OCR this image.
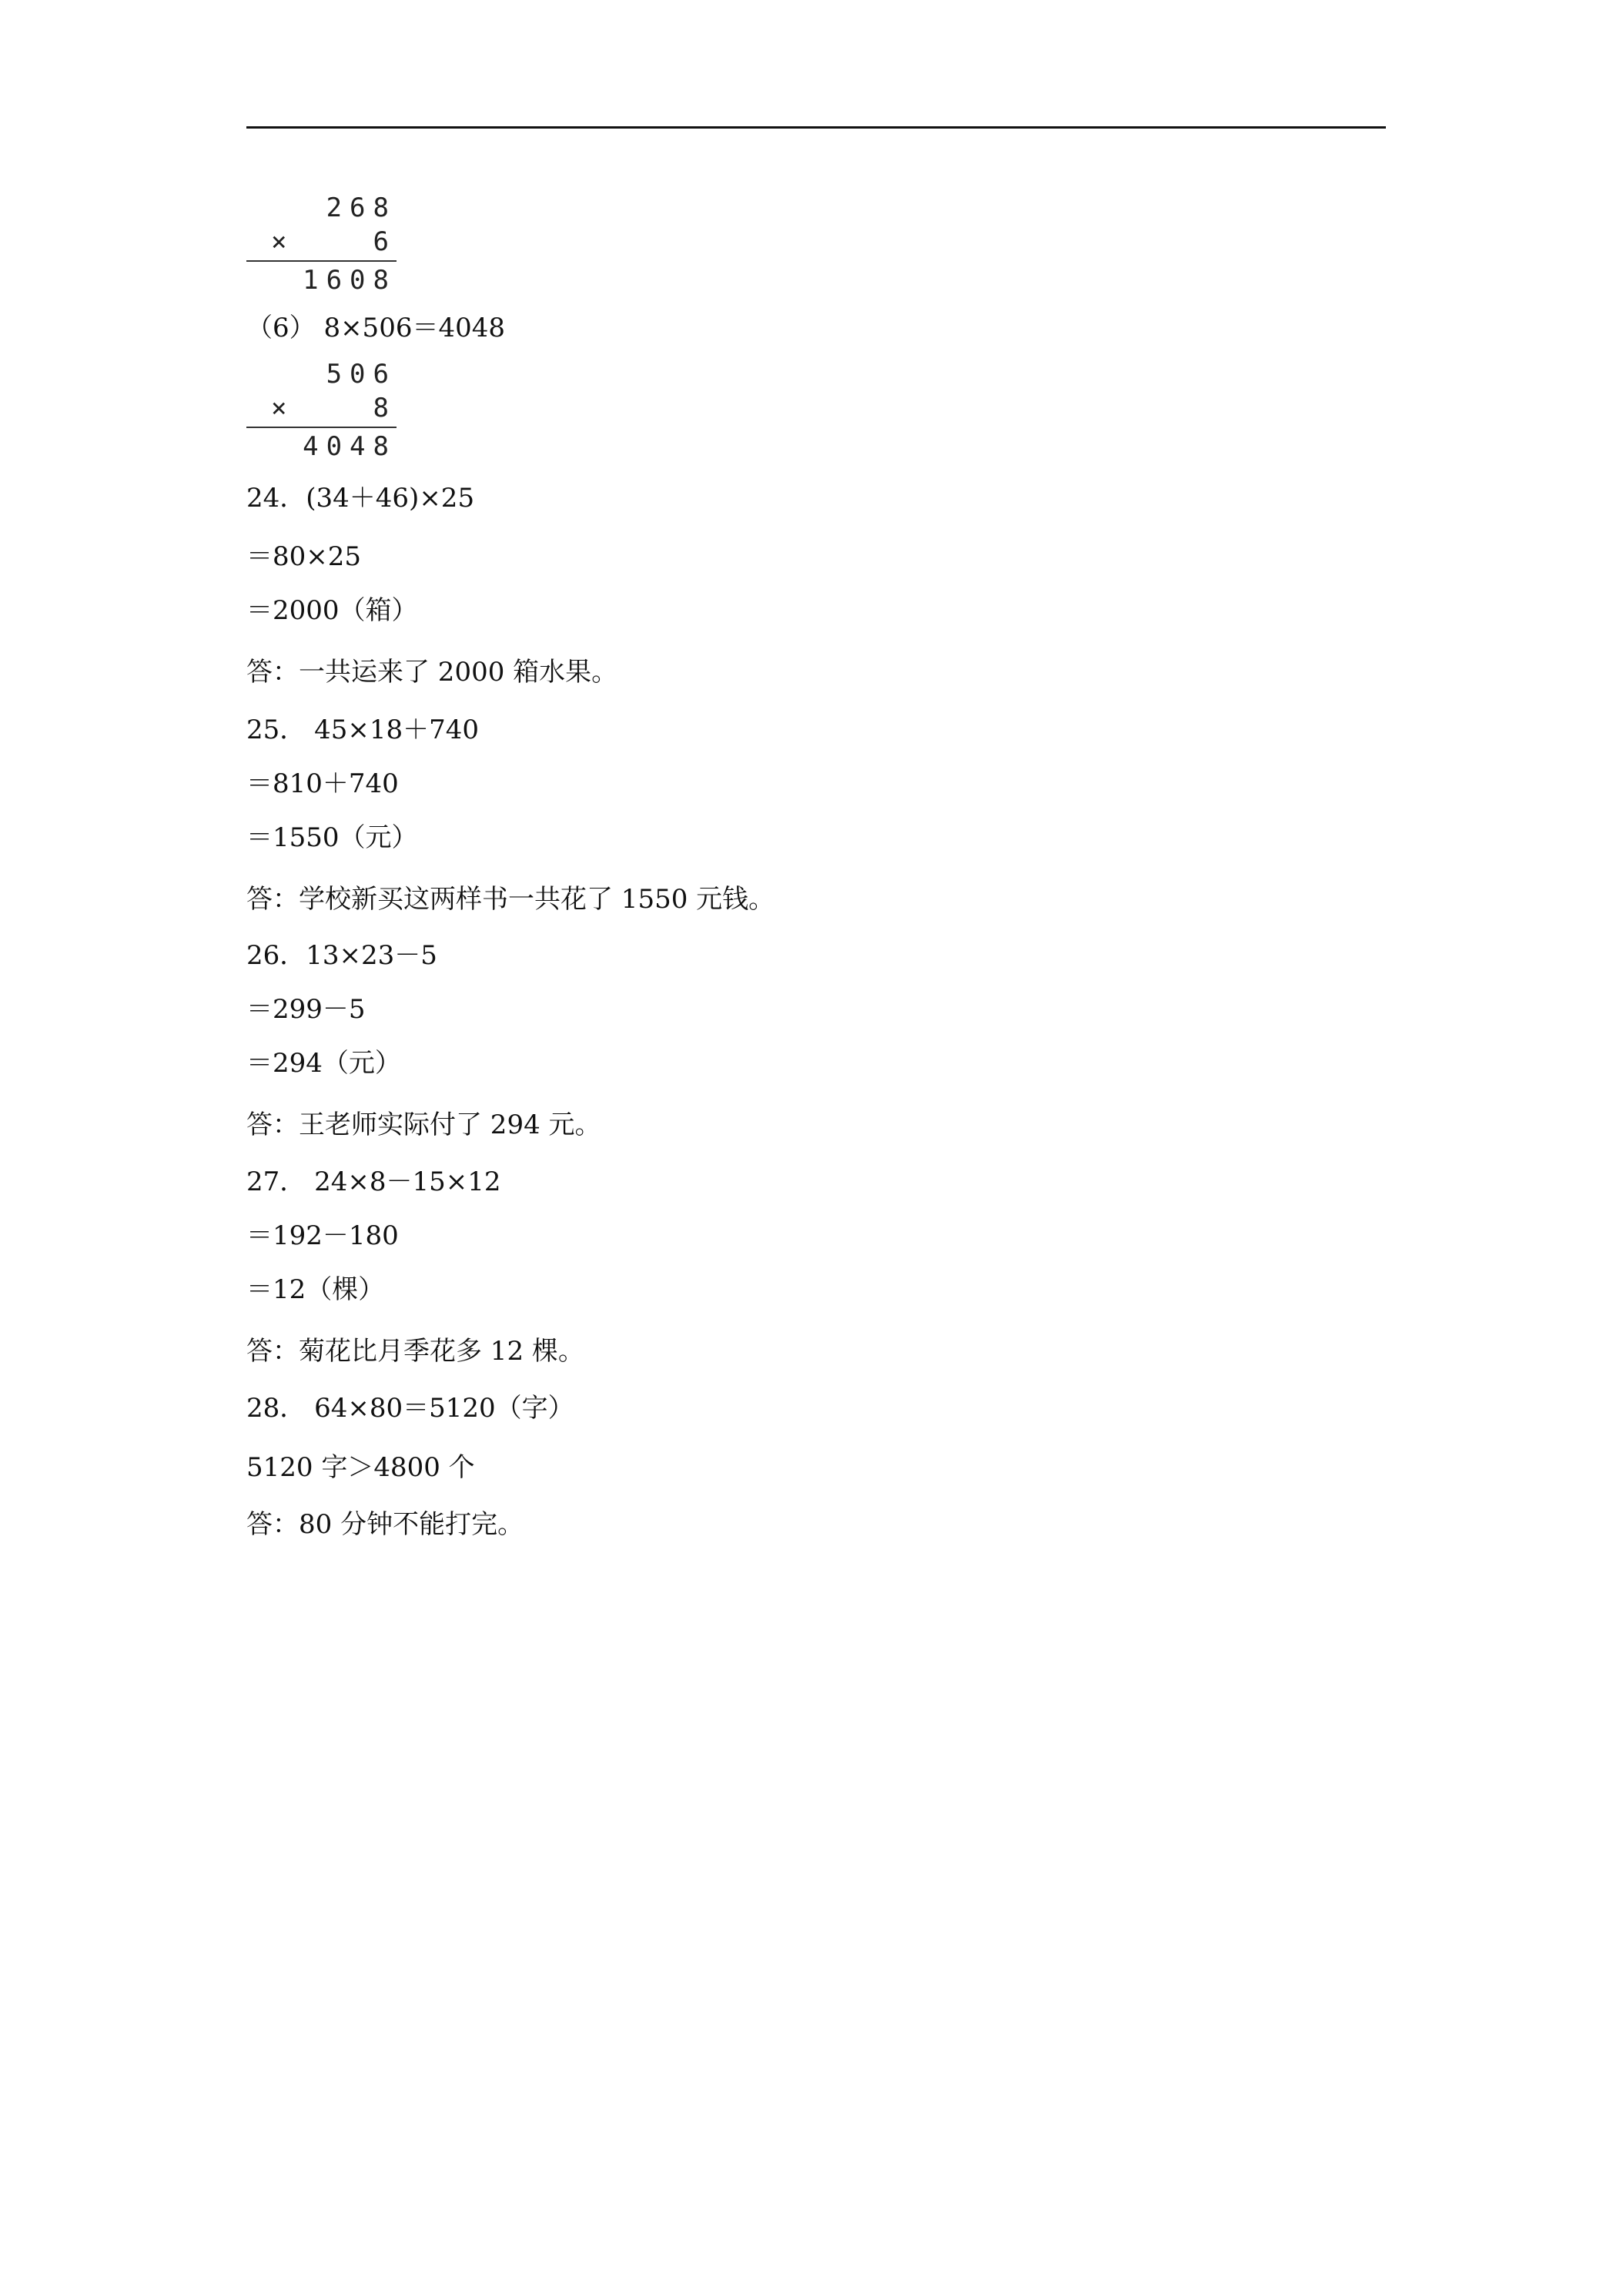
268
×	6
1608
（6） 8×506＝4048
506
×	8
4048
24．(34＋46)×25
＝80×25
＝2000（箱）
答：一共运来了 2000 箱水果。
25． 45×18＋740
＝810＋740
＝1550（元）
答：学校新买这两样书一共花了 1550 元钱。
26．13×23－5
＝299－5
＝294（元）
答：王老师实际付了 294 元。
27． 24×8－15×12
＝192－180
＝12（棵）
答：菊花比月季花多 12 棵。
28． 64×80＝5120（字）
5120 字＞4800 个
答：80 分钟不能打完。
